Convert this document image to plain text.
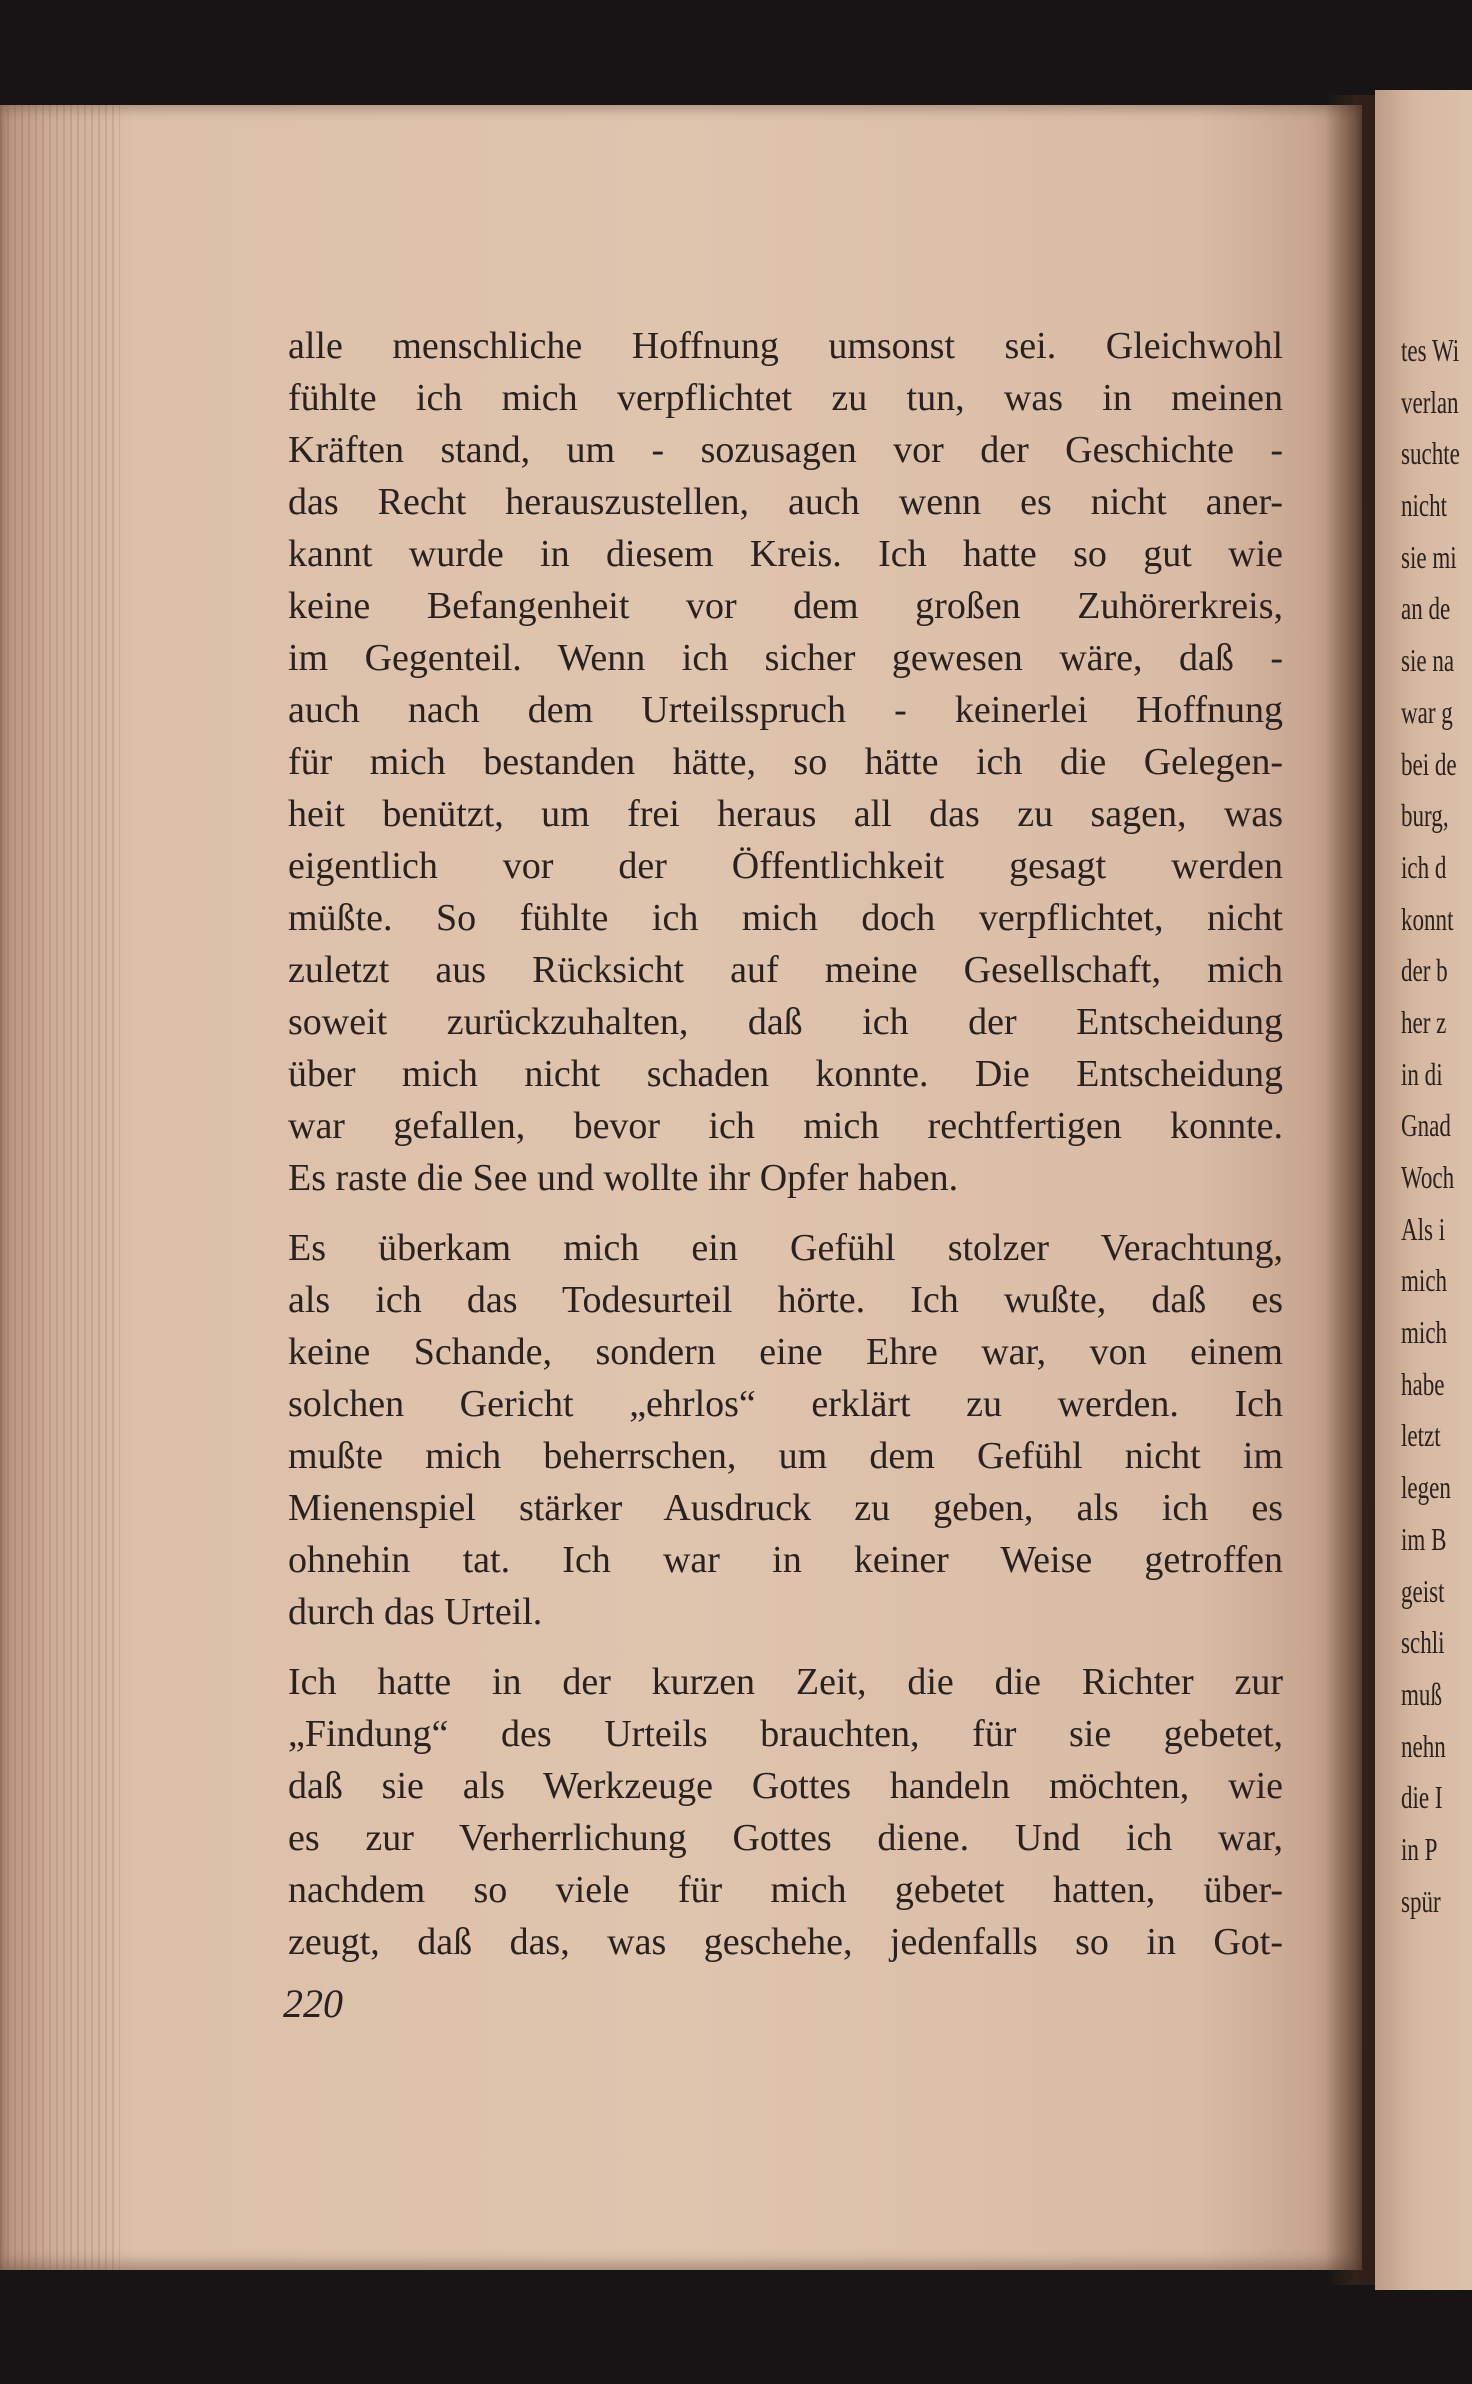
alle menschliche Hoffnung umsonst sei. Gleichwohl
fühlte ich mich verpflichtet zu tun, was in meinen
Kräften stand, um - sozusagen vor der Geschichte -
das Recht herauszustellen, auch wenn es nicht aner-
kannt wurde in diesem Kreis. Ich hatte so gut wie
keine Befangenheit vor dem großen Zuhörerkreis,
im Gegenteil. Wenn ich sicher gewesen wäre, daß -
auch nach dem Urteilsspruch - keinerlei Hoffnung
für mich bestanden hätte, so hätte ich die Gelegen-
heit benützt, um frei heraus all das zu sagen, was
eigentlich vor der Öffentlichkeit gesagt werden
müßte. So fühlte ich mich doch verpflichtet, nicht
zuletzt aus Rücksicht auf meine Gesellschaft, mich
soweit zurückzuhalten, daß ich der Entscheidung
über mich nicht schaden konnte. Die Entscheidung
war gefallen, bevor ich mich rechtfertigen konnte.
Es raste die See und wollte ihr Opfer haben.

Es überkam mich ein Gefühl stolzer Verachtung,
als ich das Todesurteil hörte. Ich wußte, daß es
keine Schande, sondern eine Ehre war, von einem
solchen Gericht „ehrlos“ erklärt zu werden. Ich
mußte mich beherrschen, um dem Gefühl nicht im
Mienenspiel stärker Ausdruck zu geben, als ich es
ohnehin tat. Ich war in keiner Weise getroffen
durch das Urteil.

Ich hatte in der kurzen Zeit, die die Richter zur
„Findung“ des Urteils brauchten, für sie gebetet,
daß sie als Werkzeuge Gottes handeln möchten, wie
es zur Verherrlichung Gottes diene. Und ich war,
nachdem so viele für mich gebetet hatten, über-
zeugt, daß das, was geschehe, jedenfalls so in Got-

220
tes Wi
verlan
suchte
nicht
sie mi
an de
sie na
war g
bei de
burg,
ich d
konnt
der b
her z
in di
Gnad
Woch
Als i
mich
mich
habe
letzt
legen
im B
geist
schli
muß
nehn
die I
in P
spür
